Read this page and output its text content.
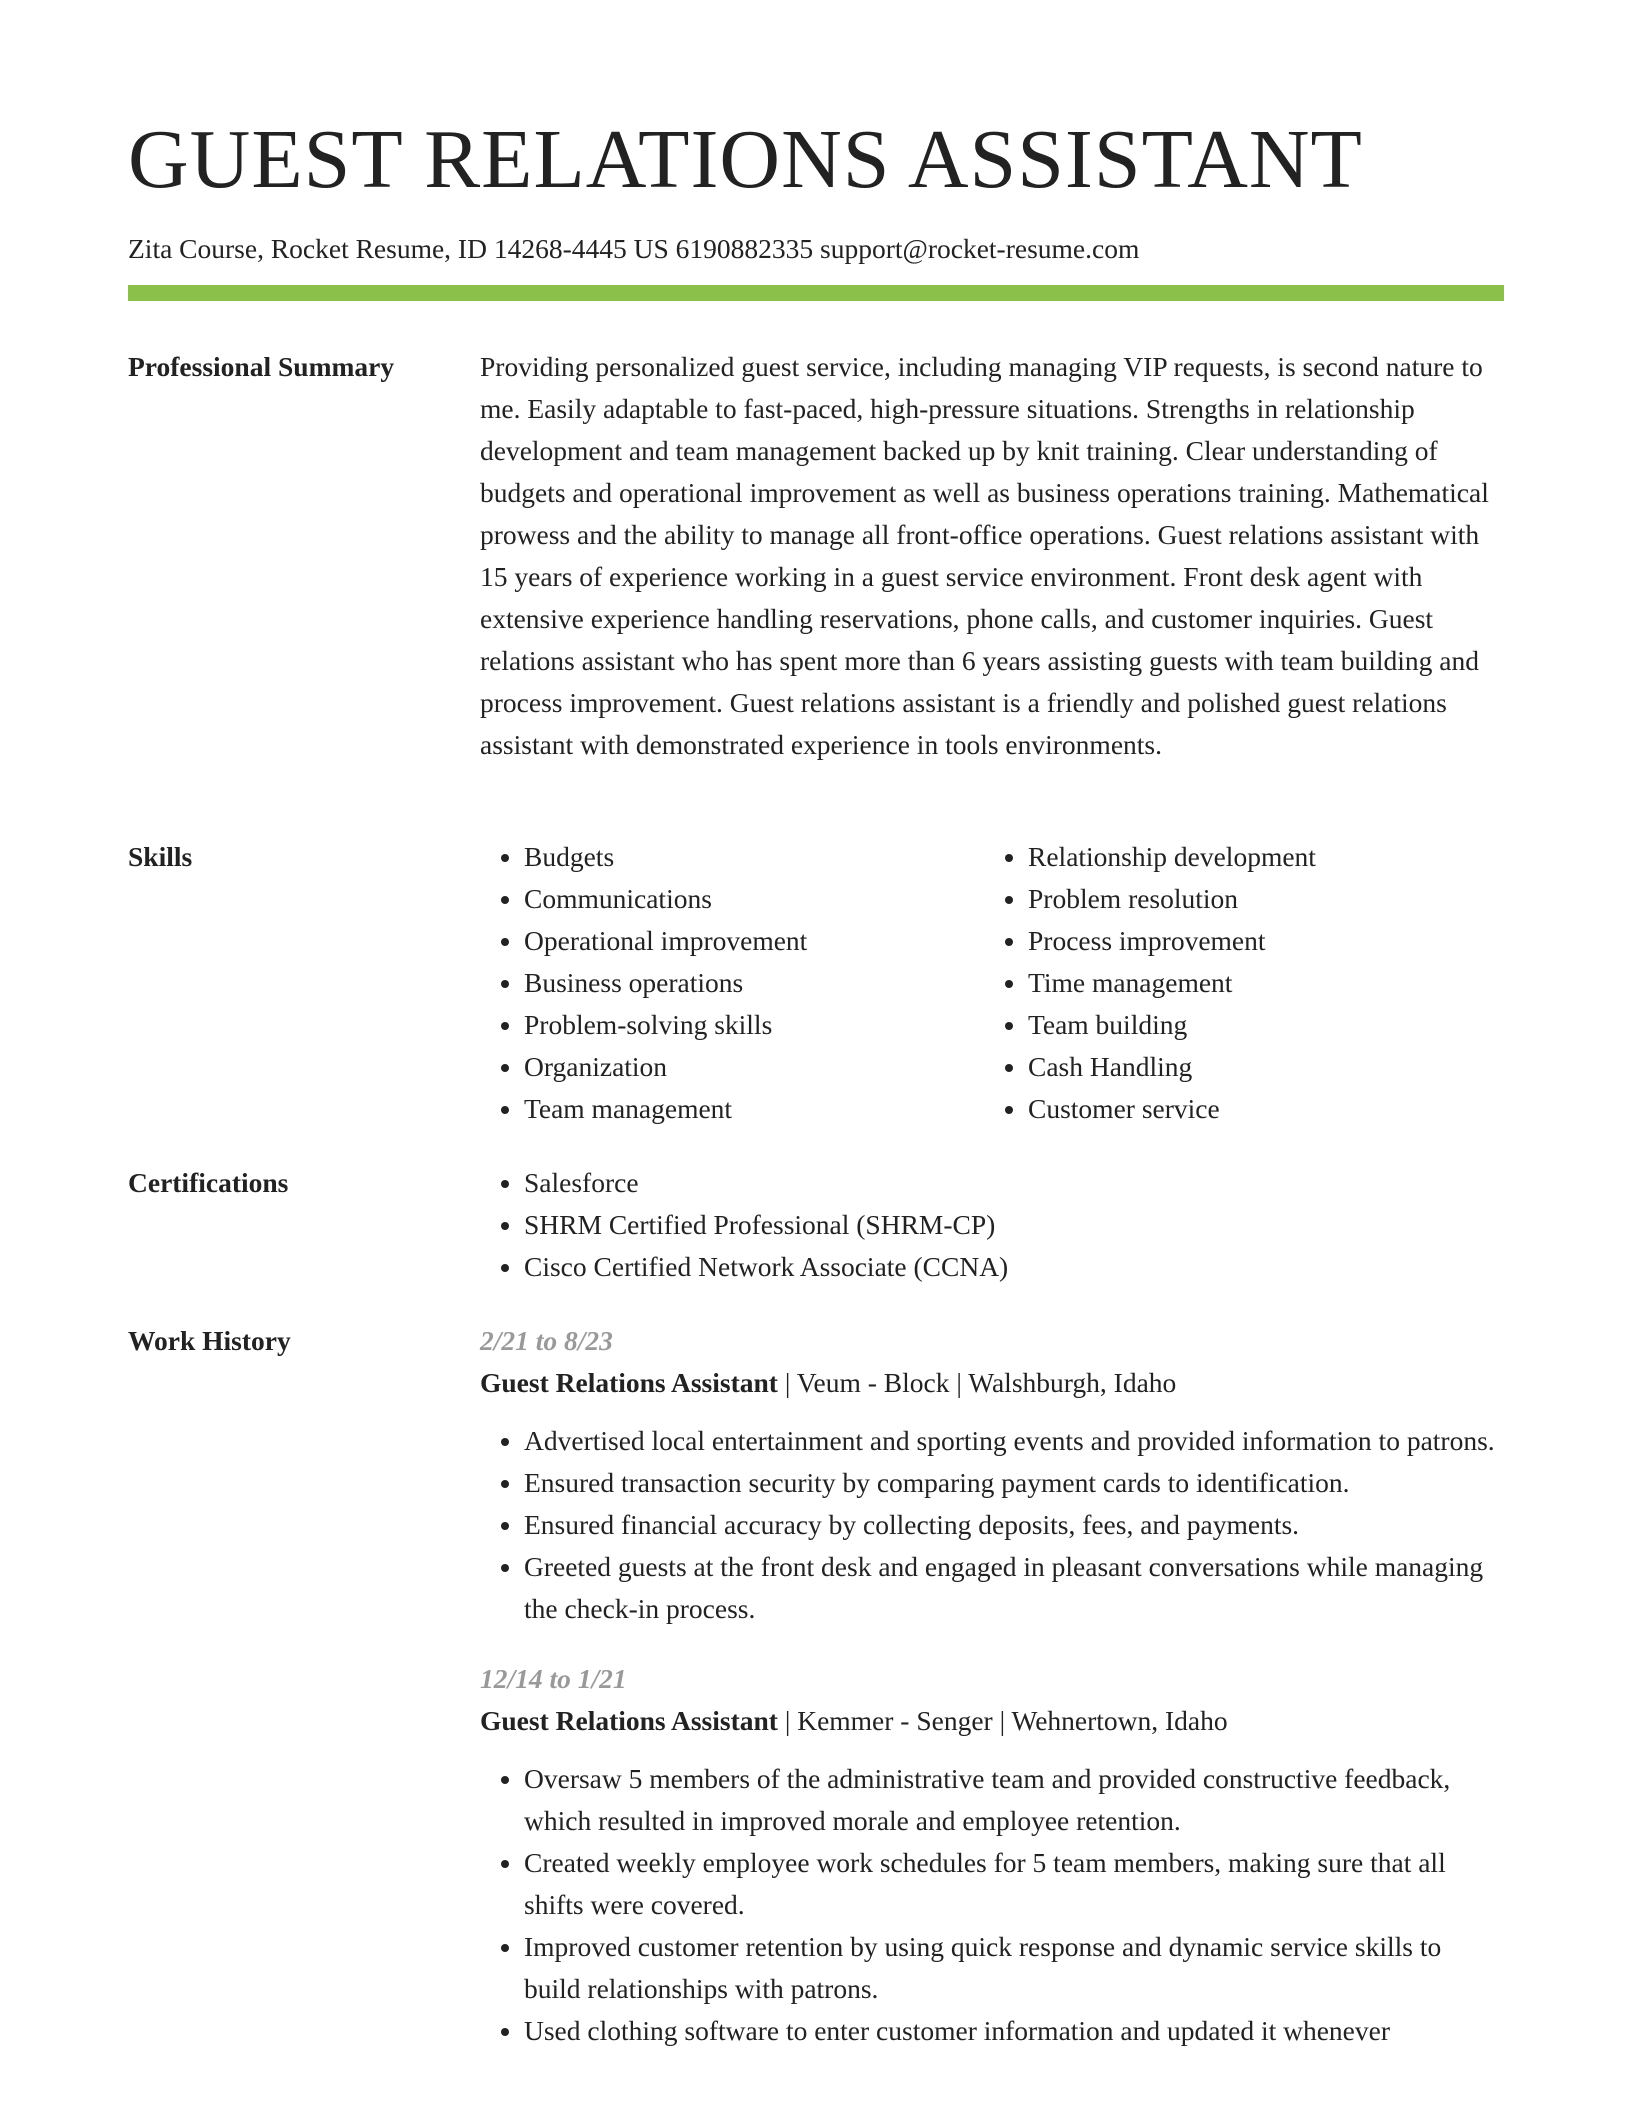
GUEST RELATIONS ASSISTANT
Zita Course, Rocket Resume, ID 14268-4445 US 6190882335 support@rocket-resume.com
Professional Summary	Providing personalized guest service, including managing VIP requests, is second nature to me. Easily adaptable to fast-paced, high-pressure situations. Strengths in relationship development and team management backed up by knit training. Clear understanding of budgets and operational improvement as well as business operations training. Mathematical prowess and the ability to manage all front-office operations. Guest relations assistant with 15 years of experience working in a guest service environment. Front desk agent with extensive experience handling reservations, phone calls, and customer inquiries. Guest relations assistant who has spent more than 6 years assisting guests with team building and process improvement. Guest relations assistant is a friendly and polished guest relations assistant with demonstrated experience in tools environments.

Skills	• Budgets
• Communications
• Operational improvement
• Business operations
• Problem-solving skills
• Organization
• Team management
• Relationship development
• Problem resolution
• Process improvement
• Time management
• Team building
• Cash Handling
• Customer service
Certifications	• Salesforce
• SHRM Certified Professional (SHRM-CP)
• Cisco Certified Network Associate (CCNA)
Work History	2/21 to 8/23
Guest Relations Assistant | Veum - Block | Walshburgh, Idaho
• Advertised local entertainment and sporting events and provided information to patrons.
• Ensured transaction security by comparing payment cards to identification.
• Ensured financial accuracy by collecting deposits, fees, and payments.
• Greeted guests at the front desk and engaged in pleasant conversations while managing the check-in process.
12/14 to 1/21
Guest Relations Assistant | Kemmer - Senger | Wehnertown, Idaho
• Oversaw 5 members of the administrative team and provided constructive feedback, which resulted in improved morale and employee retention.
• Created weekly employee work schedules for 5 team members, making sure that all shifts were covered.
• Improved customer retention by using quick response and dynamic service skills to build relationships with patrons.
• Used clothing software to enter customer information and updated it whenever
